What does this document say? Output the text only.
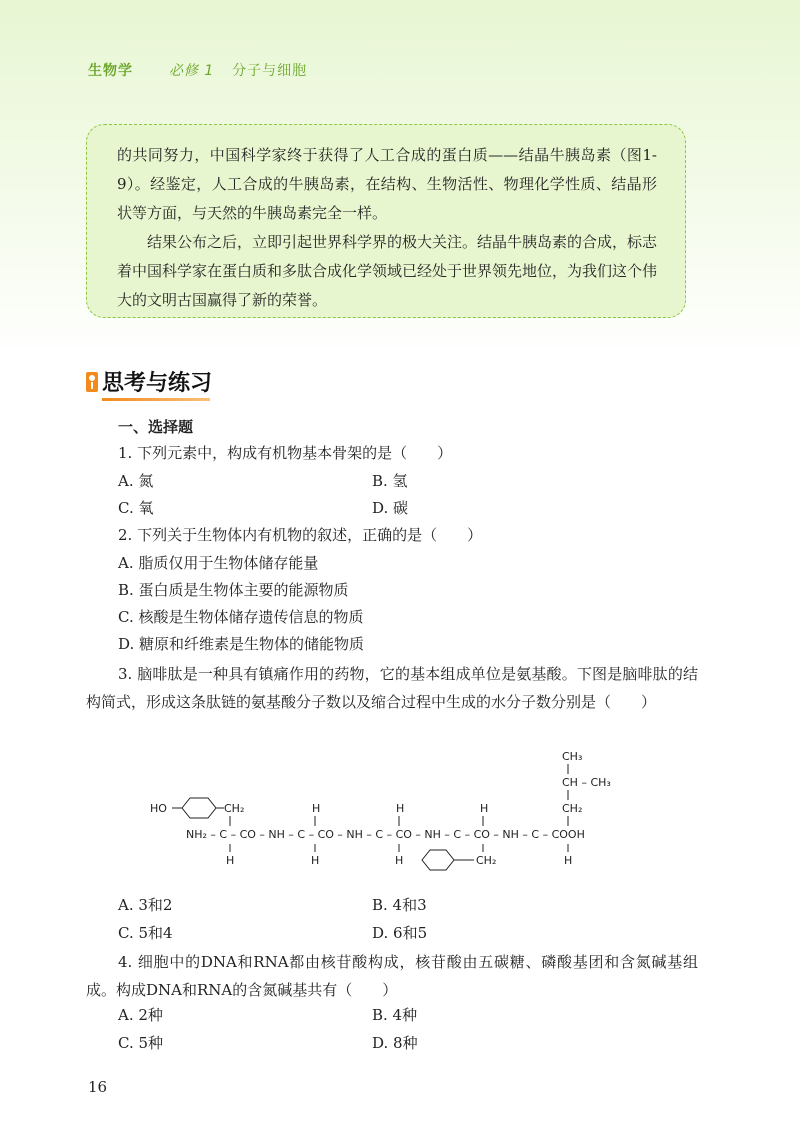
生物学	必修 1 分子与细胞

的共同努力，中国科学家终于获得了人工合成的蛋白质——结晶牛胰岛素（图1-9）。经鉴定，人工合成的牛胰岛素，在结构、生物活性、物理化学性质、结晶形状等方面，与天然的牛胰岛素完全一样。

结果公布之后，立即引起世界科学界的极大关注。结晶牛胰岛素的合成，标志着中国科学家在蛋白质和多肽合成化学领域已经处于世界领先地位，为我们这个伟大的文明古国赢得了新的荣誉。

思考与练习
一、选择题
1. 下列元素中，构成有机物基本骨架的是（　　）
A. 氮	B. 氢
C. 氧	D. 碳
2. 下列关于生物体内有机物的叙述，正确的是（　　）
A. 脂质仅用于生物体储存能量
B. 蛋白质是生物体主要的能源物质
C. 核酸是生物体储存遗传信息的物质
D. 糖原和纤维素是生物体的储能物质
3. 脑啡肽是一种具有镇痛作用的药物，它的基本组成单位是氨基酸。下图是脑啡肽的结构简式，形成这条肽链的氨基酸分子数以及缩合过程中生成的水分子数分别是（　　）
A. 3和2	B. 4和3
C. 5和4	D. 6和5
4. 细胞中的DNA和RNA都由核苷酸构成，核苷酸由五碳糖、磷酸基团和含氮碱基组成。构成DNA和RNA的含氮碱基共有（　　）
A. 2种	B. 4种
C. 5种	D. 8种
CH₃
CH – CH₃
CH₂
HO	CH₂	H	H	H
NH₂ – C – CO – NH – C – CO – NH – C – CO – NH – C – CO – NH – C – COOH
H	H	H	H
CH₂
16
